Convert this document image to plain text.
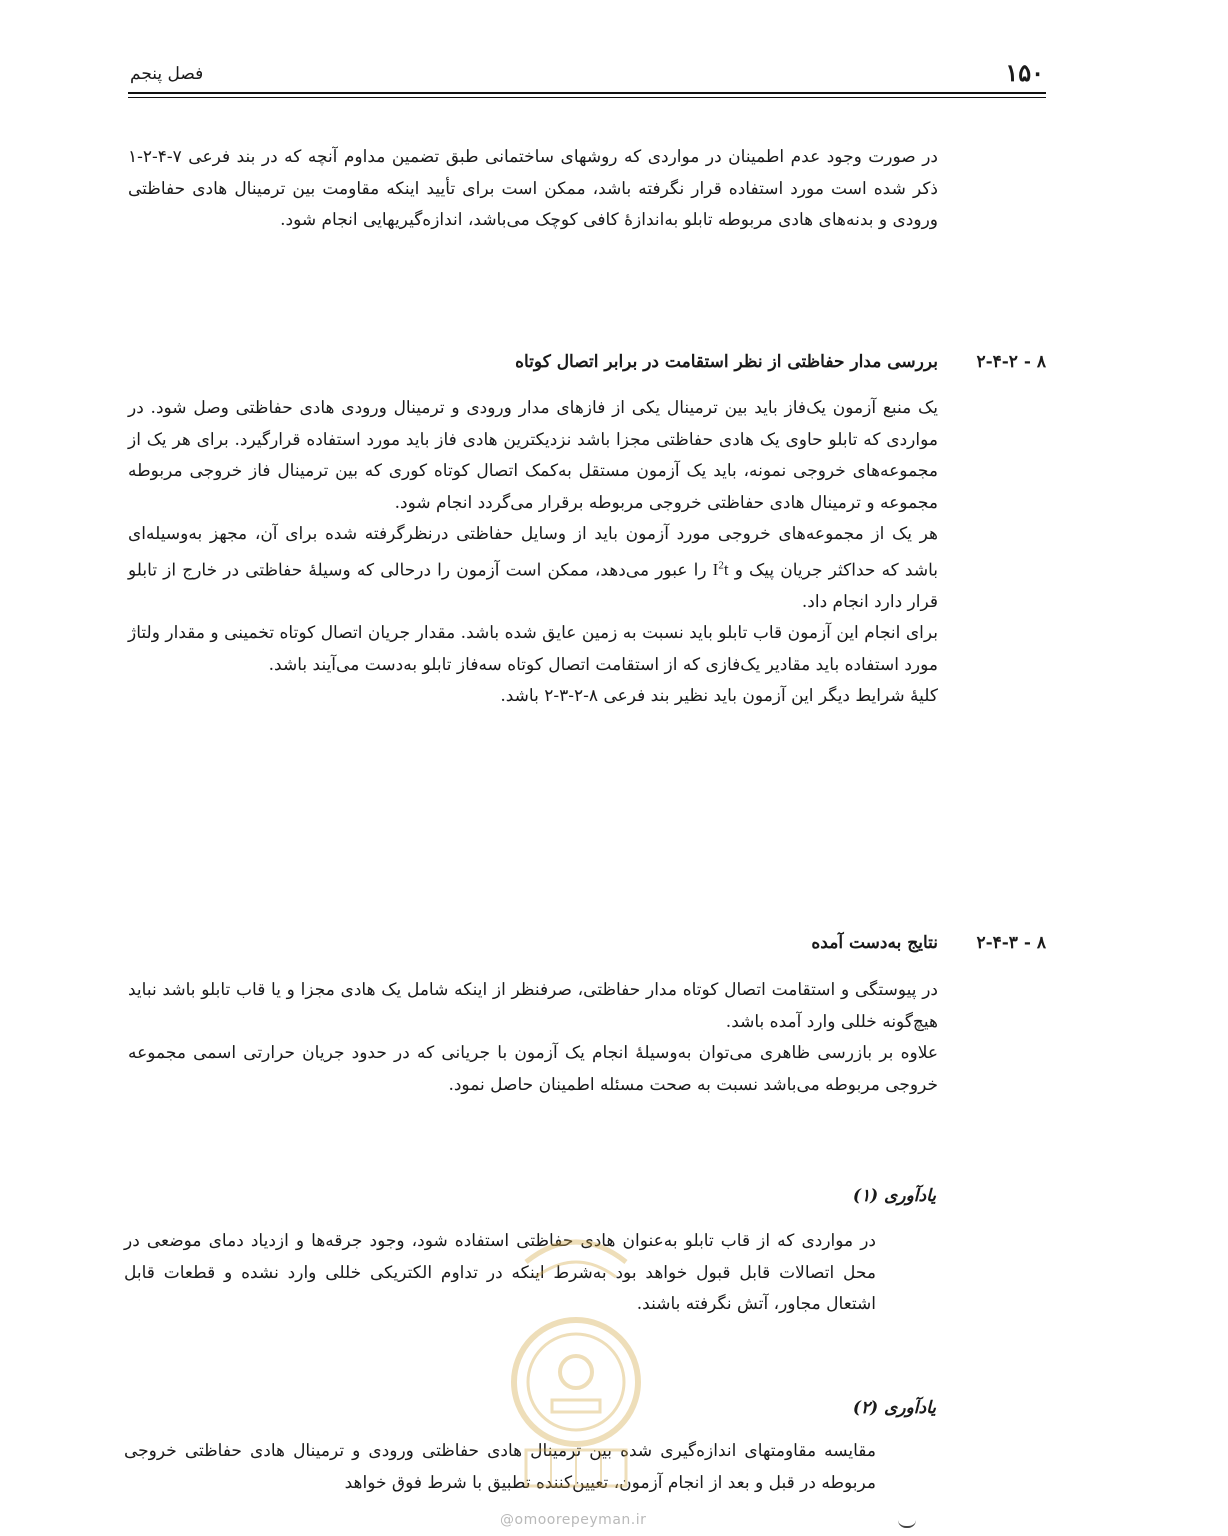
۱۵۰
فصل پنجم

در صورت وجود عدم اطمینان در مواردی که روشهای ساختمانی طبق تضمین مداوم آنچه که در بند فرعی ۷-۴-۲-۱ ذکر شده است مورد استفاده قرار نگرفته باشد، ممکن است برای تأیید اینکه مقاومت بین ترمینال هادی حفاظتی ورودی و بدنه‌های هادی مربوطه تابلو به‌اندازهٔ کافی کوچک می‌باشد، اندازه‌گیریهایی انجام شود.

۸ - ۲-۴-۲
بررسی مدار حفاظتی از نظر استقامت در برابر اتصال کوتاه

یک منبع آزمون یک‌فاز باید بین ترمینال یکی از فازهای مدار ورودی و ترمینال ورودی هادی حفاظتی وصل شود. در مواردی که تابلو حاوی یک هادی حفاظتی مجزا باشد نزدیکترین هادی فاز باید مورد استفاده قرارگیرد. برای هر یک از مجموعه‌های خروجی نمونه، باید یک آزمون مستقل به‌کمک اتصال کوتاه کوری که بین ترمینال فاز خروجی مربوطه مجموعه و ترمینال هادی حفاظتی خروجی مربوطه برقرار می‌گردد انجام شود.

هر یک از مجموعه‌های خروجی مورد آزمون باید از وسایل حفاظتی درنظرگرفته شده برای آن، مجهز به‌وسیله‌ای باشد که حداکثر جریان پیک و $I^2t$ را عبور می‌دهد، ممکن است آزمون را درحالی که وسیلهٔ حفاظتی در خارج از تابلو قرار دارد انجام داد.

برای انجام این آزمون قاب تابلو باید نسبت به زمین عایق شده باشد. مقدار جریان اتصال کوتاه تخمینی و مقدار ولتاژ مورد استفاده باید مقادیر یک‌فازی که از استقامت اتصال کوتاه سه‌فاز تابلو به‌دست می‌آیند باشد.

کلیهٔ شرایط دیگر این آزمون باید نظیر بند فرعی ۸-۲-۳-۲ باشد.

۸ - ۲-۴-۳
نتایج به‌دست آمده

در پیوستگی و استقامت اتصال کوتاه مدار حفاظتی، صرفنظر از اینکه شامل یک هادی مجزا و یا قاب تابلو باشد نباید هیچ‌گونه خللی وارد آمده باشد.

علاوه بر بازرسی ظاهری می‌توان به‌وسیلهٔ انجام یک آزمون با جریانی که در حدود جریان حرارتی اسمی مجموعه خروجی مربوطه می‌باشد نسبت به صحت مسئله اطمینان حاصل نمود.

یادآوری (۱)

در مواردی که از قاب تابلو به‌عنوان هادی حفاظتی استفاده شود، وجود جرقه‌ها و ازدیاد دمای موضعی در محل اتصالات قابل قبول خواهد بود به‌شرط اینکه در تداوم الکتریکی خللی وارد نشده و قطعات قابل اشتعال مجاور، آتش نگرفته باشند.

یادآوری (۲)

مقایسه مقاومتهای اندازه‌گیری شده بین ترمینال هادی حفاظتی ورودی و ترمینال هادی حفاظتی خروجی مربوطه در قبل و بعد از انجام آزمون، تعیین‌کننده تطبیق با شرط فوق خواهد

@omoorepeyman.ir
